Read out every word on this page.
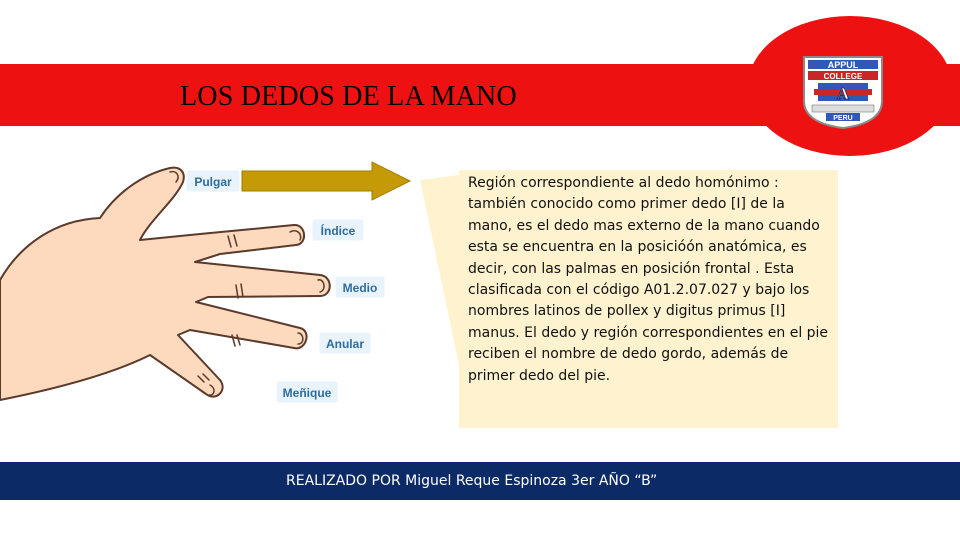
LOS DEDOS DE LA MANO
APPUL
COLLEGE
A
PERU
Pulgar
Índice
Medio
Anular
Meñique

Región correspondiente al dedo homónimo : también conocido como primer dedo [I] de la mano, es el dedo mas externo de la mano cuando esta se encuentra en la posicióón anatómica, es decir, con las palmas en posición frontal . Esta clasificada con el código A01.2.07.027 y bajo los nombres latinos de pollex y digitus primus [I] manus. El dedo y región correspondientes en el pie reciben el nombre de dedo gordo, además de primer dedo del pie.

REALIZADO POR Miguel Reque Espinoza 3er AÑO “B”
